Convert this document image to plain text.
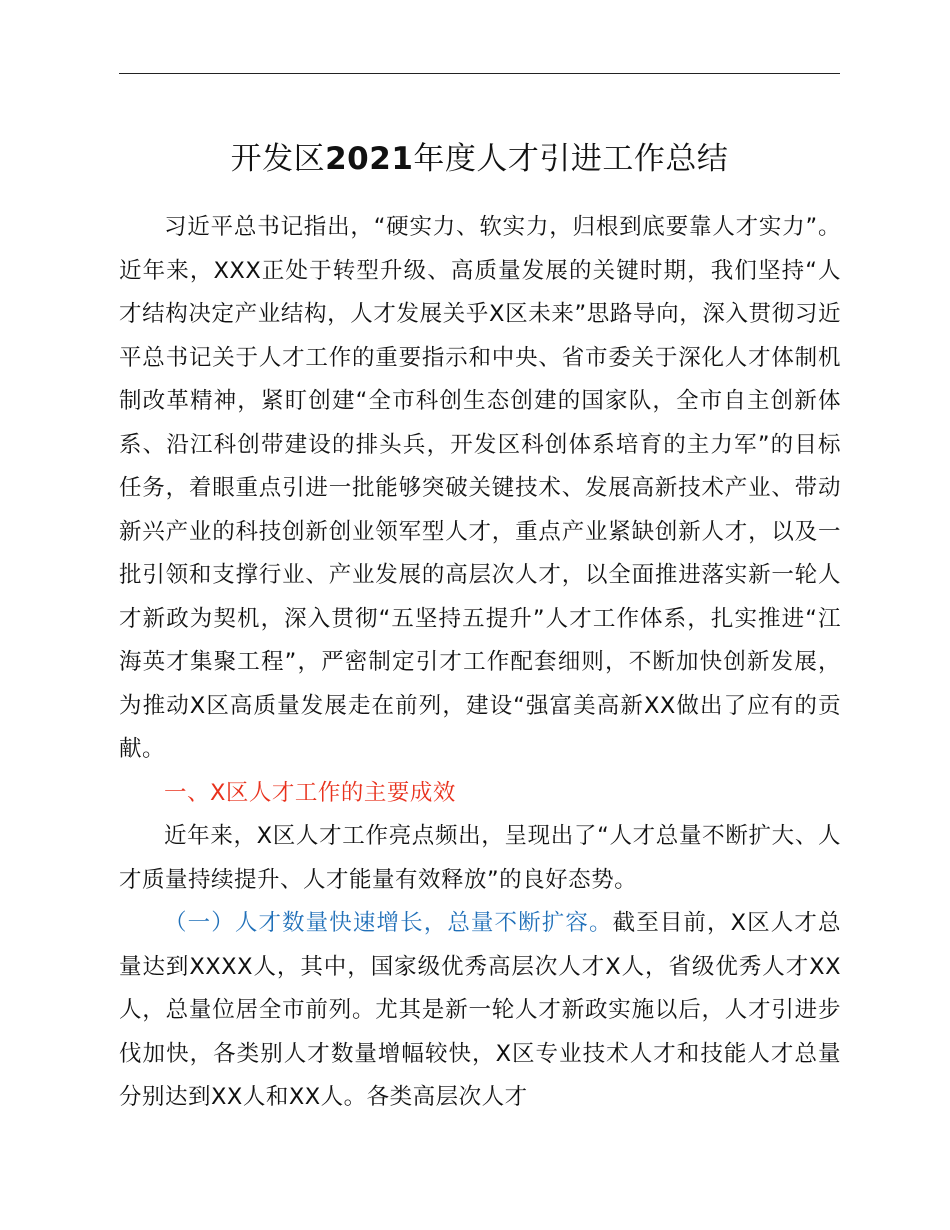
开发区2021年度人才引进工作总结

习近平总书记指出，“硬实力、软实力，归根到底要靠人才实力”。近年来，XXX正处于转型升级、高质量发展的关键时期，我们坚持“人才结构决定产业结构，人才发展关乎X区未来”思路导向，深入贯彻习近平总书记关于人才工作的重要指示和中央、省市委关于深化人才体制机制改革精神，紧盯创建“全市科创生态创建的国家队，全市自主创新体系、沿江科创带建设的排头兵，开发区科创体系培育的主力军”的目标任务，着眼重点引进一批能够突破关键技术、发展高新技术产业、带动新兴产业的科技创新创业领军型人才，重点产业紧缺创新人才，以及一批引领和支撑行业、产业发展的高层次人才，以全面推进落实新一轮人才新政为契机，深入贯彻“五坚持五提升”人才工作体系，扎实推进“江海英才集聚工程”，严密制定引才工作配套细则，不断加快创新发展，为推动X区高质量发展走在前列，建设“强富美高新XX做出了应有的贡献。

一、X区人才工作的主要成效

近年来，X区人才工作亮点频出，呈现出了“人才总量不断扩大、人才质量持续提升、人才能量有效释放”的良好态势。

（一）人才数量快速增长，总量不断扩容。截至目前，X区人才总量达到XXXX人，其中，国家级优秀高层次人才X人，省级优秀人才XX人，总量位居全市前列。尤其是新一轮人才新政实施以后，人才引进步伐加快，各类别人才数量增幅较快，X区专业技术人才和技能人才总量分别达到XX人和XX人。各类高层次人才
